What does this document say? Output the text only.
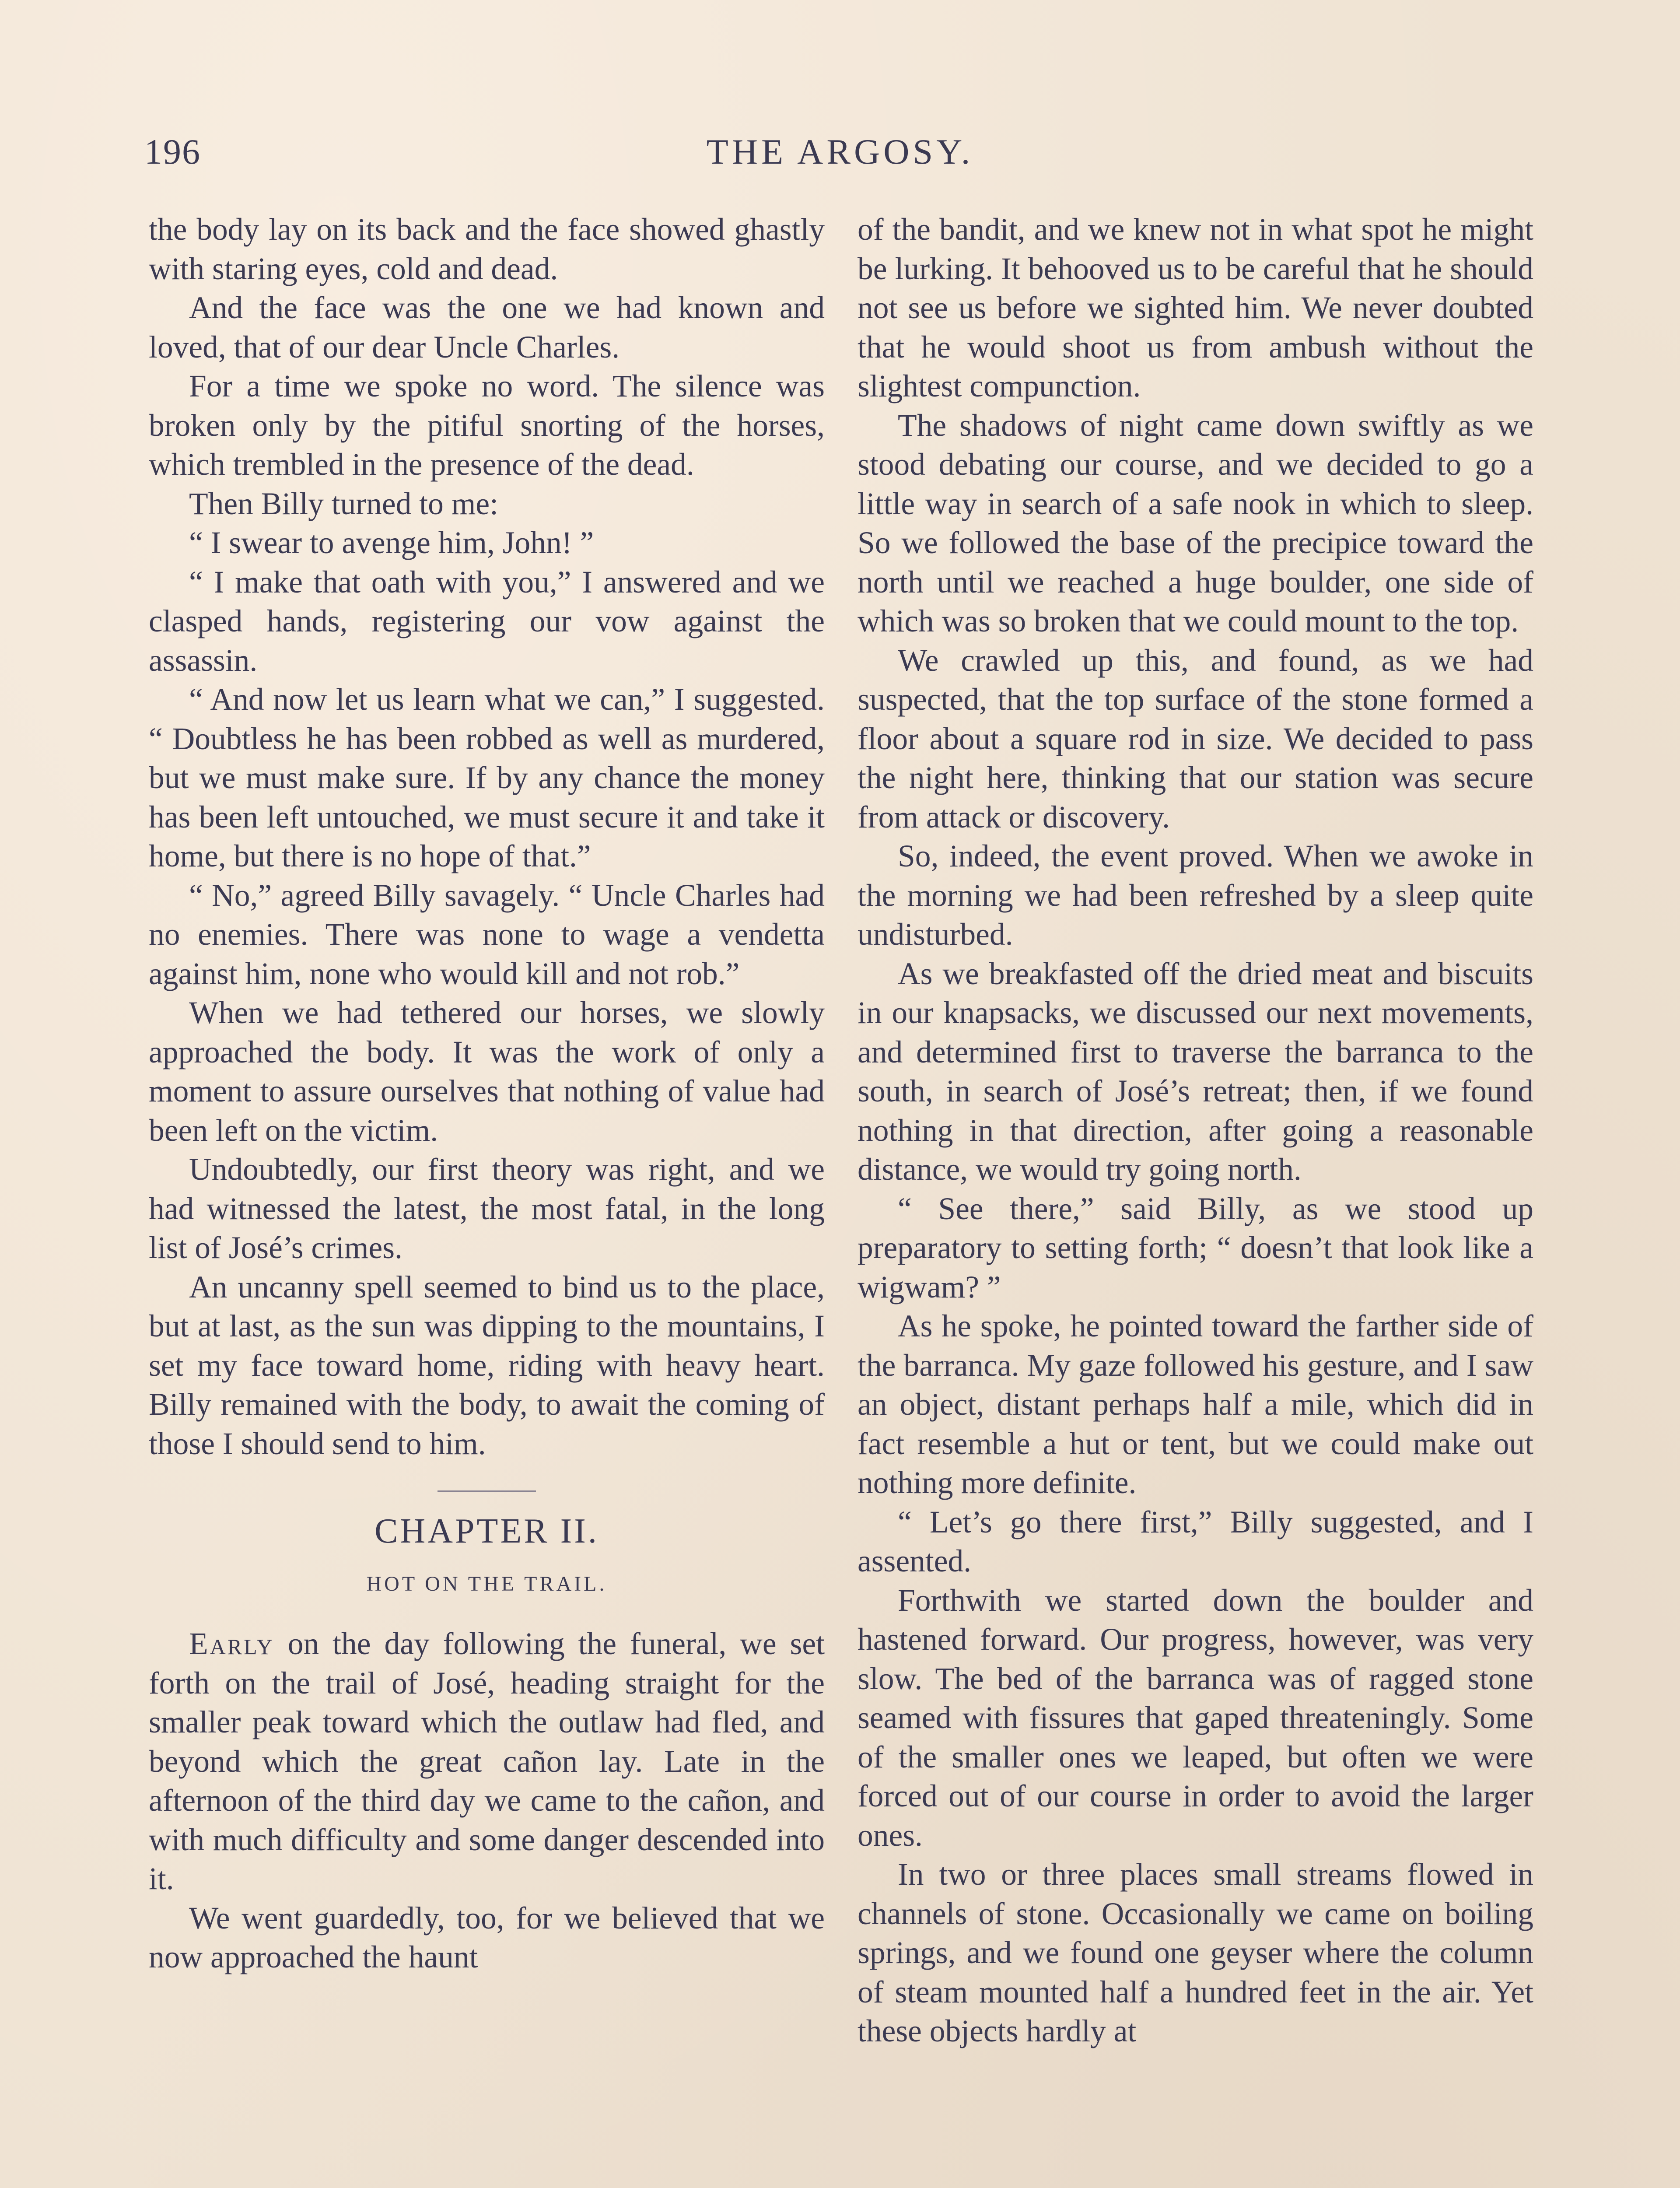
196	THE ARGOSY.

the body lay on its back and the face showed ghastly with staring eyes, cold and dead.

And the face was the one we had known and loved, that of our dear Uncle Charles.

For a time we spoke no word. The silence was broken only by the pitiful snorting of the horses, which trembled in the presence of the dead.

Then Billy turned to me:

“ I swear to avenge him, John! ”

“ I make that oath with you,” I answered and we clasped hands, registering our vow against the assassin.

“ And now let us learn what we can,” I suggested. “ Doubtless he has been robbed as well as murdered, but we must make sure. If by any chance the money has been left untouched, we must secure it and take it home, but there is no hope of that.”

“ No,” agreed Billy savagely. “ Uncle Charles had no enemies. There was none to wage a vendetta against him, none who would kill and not rob.”

When we had tethered our horses, we slowly approached the body. It was the work of only a moment to assure ourselves that nothing of value had been left on the victim.

Undoubtedly, our first theory was right, and we had witnessed the latest, the most fatal, in the long list of José’s crimes.

An uncanny spell seemed to bind us to the place, but at last, as the sun was dipping to the mountains, I set my face toward home, riding with heavy heart. Billy remained with the body, to await the coming of those I should send to him.

CHAPTER II.
HOT ON THE TRAIL.

Early on the day following the funeral, we set forth on the trail of José, heading straight for the smaller peak toward which the outlaw had fled, and beyond which the great cañon lay. Late in the afternoon of the third day we came to the cañon, and with much difficulty and some danger descended into it.

We went guardedly, too, for we believed that we now approached the haunt

of the bandit, and we knew not in what spot he might be lurking. It behooved us to be careful that he should not see us before we sighted him. We never doubted that he would shoot us from ambush without the slightest compunction.

The shadows of night came down swiftly as we stood debating our course, and we decided to go a little way in search of a safe nook in which to sleep. So we followed the base of the precipice toward the north until we reached a huge boulder, one side of which was so broken that we could mount to the top.

We crawled up this, and found, as we had suspected, that the top surface of the stone formed a floor about a square rod in size. We decided to pass the night here, thinking that our station was secure from attack or discovery.

So, indeed, the event proved. When we awoke in the morning we had been refreshed by a sleep quite undisturbed.

As we breakfasted off the dried meat and biscuits in our knapsacks, we discussed our next movements, and determined first to traverse the barranca to the south, in search of José’s retreat; then, if we found nothing in that direction, after going a reasonable distance, we would try going north.

“ See there,” said Billy, as we stood up preparatory to setting forth; “ doesn’t that look like a wigwam? ”

As he spoke, he pointed toward the farther side of the barranca. My gaze followed his gesture, and I saw an object, distant perhaps half a mile, which did in fact resemble a hut or tent, but we could make out nothing more definite.

“ Let’s go there first,” Billy suggested, and I assented.

Forthwith we started down the boulder and hastened forward. Our progress, however, was very slow. The bed of the barranca was of ragged stone seamed with fissures that gaped threateningly. Some of the smaller ones we leaped, but often we were forced out of our course in order to avoid the larger ones.

In two or three places small streams flowed in channels of stone. Occasionally we came on boiling springs, and we found one geyser where the column of steam mounted half a hundred feet in the air. Yet these objects hardly at
